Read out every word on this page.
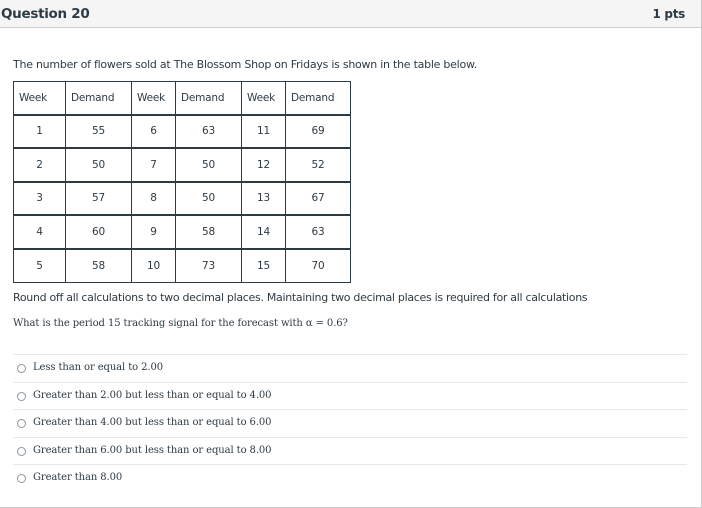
Question 20	1 pts

The number of flowers sold at The Blossom Shop on Fridays is shown in the table below.

Week	Demand	Week	Demand	Week	Demand
1	55	6	63	11	69
2	50	7	50	12	52
3	57	8	50	13	67
4	60	9	58	14	63
5	58	10	73	15	70

Round off all calculations to two decimal places. Maintaining two decimal places is required for all calculations

What is the period 15 tracking signal for the forecast with α = 0.6?

Less than or equal to 2.00
Greater than 2.00 but less than or equal to 4.00
Greater than 4.00 but less than or equal to 6.00
Greater than 6.00 but less than or equal to 8.00
Greater than 8.00
